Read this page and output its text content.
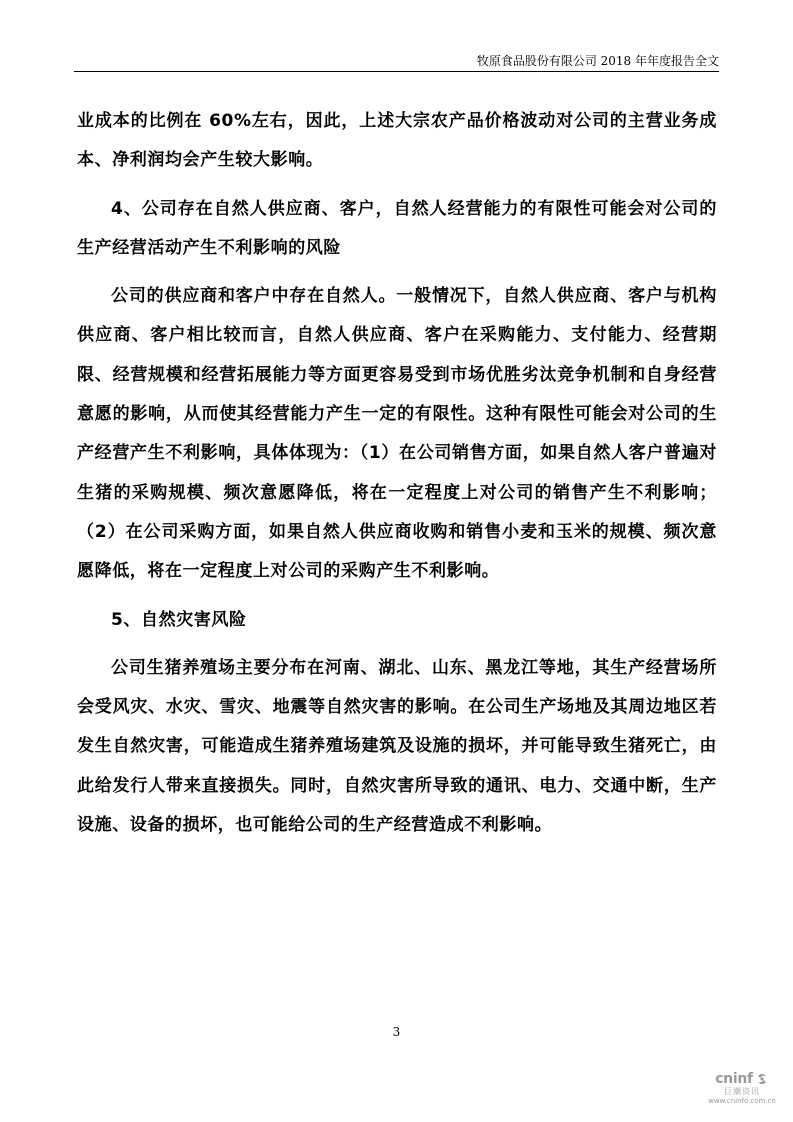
牧原食品股份有限公司 2018 年年度报告全文

业成本的比例在 60%左右，因此，上述大宗农产品价格波动对公司的主营业务成本、净利润均会产生较大影响。

4、公司存在自然人供应商、客户，自然人经营能力的有限性可能会对公司的生产经营活动产生不利影响的风险

公司的供应商和客户中存在自然人。一般情况下，自然人供应商、客户与机构供应商、客户相比较而言，自然人供应商、客户在采购能力、支付能力、经营期限、经营规模和经营拓展能力等方面更容易受到市场优胜劣汰竞争机制和自身经营意愿的影响，从而使其经营能力产生一定的有限性。这种有限性可能会对公司的生产经营产生不利影响，具体体现为：（1）在公司销售方面，如果自然人客户普遍对生猪的采购规模、频次意愿降低，将在一定程度上对公司的销售产生不利影响；（2）在公司采购方面，如果自然人供应商收购和销售小麦和玉米的规模、频次意愿降低，将在一定程度上对公司的采购产生不利影响。

5、自然灾害风险

公司生猪养殖场主要分布在河南、湖北、山东、黑龙江等地，其生产经营场所会受风灾、水灾、雪灾、地震等自然灾害的影响。在公司生产场地及其周边地区若发生自然灾害，可能造成生猪养殖场建筑及设施的损坏，并可能导致生猪死亡，由此给发行人带来直接损失。同时，自然灾害所导致的通讯、电力、交通中断，生产设施、设备的损坏，也可能给公司的生产经营造成不利影响。

3
cninf
巨潮资讯
www.cninfo.com.cn
